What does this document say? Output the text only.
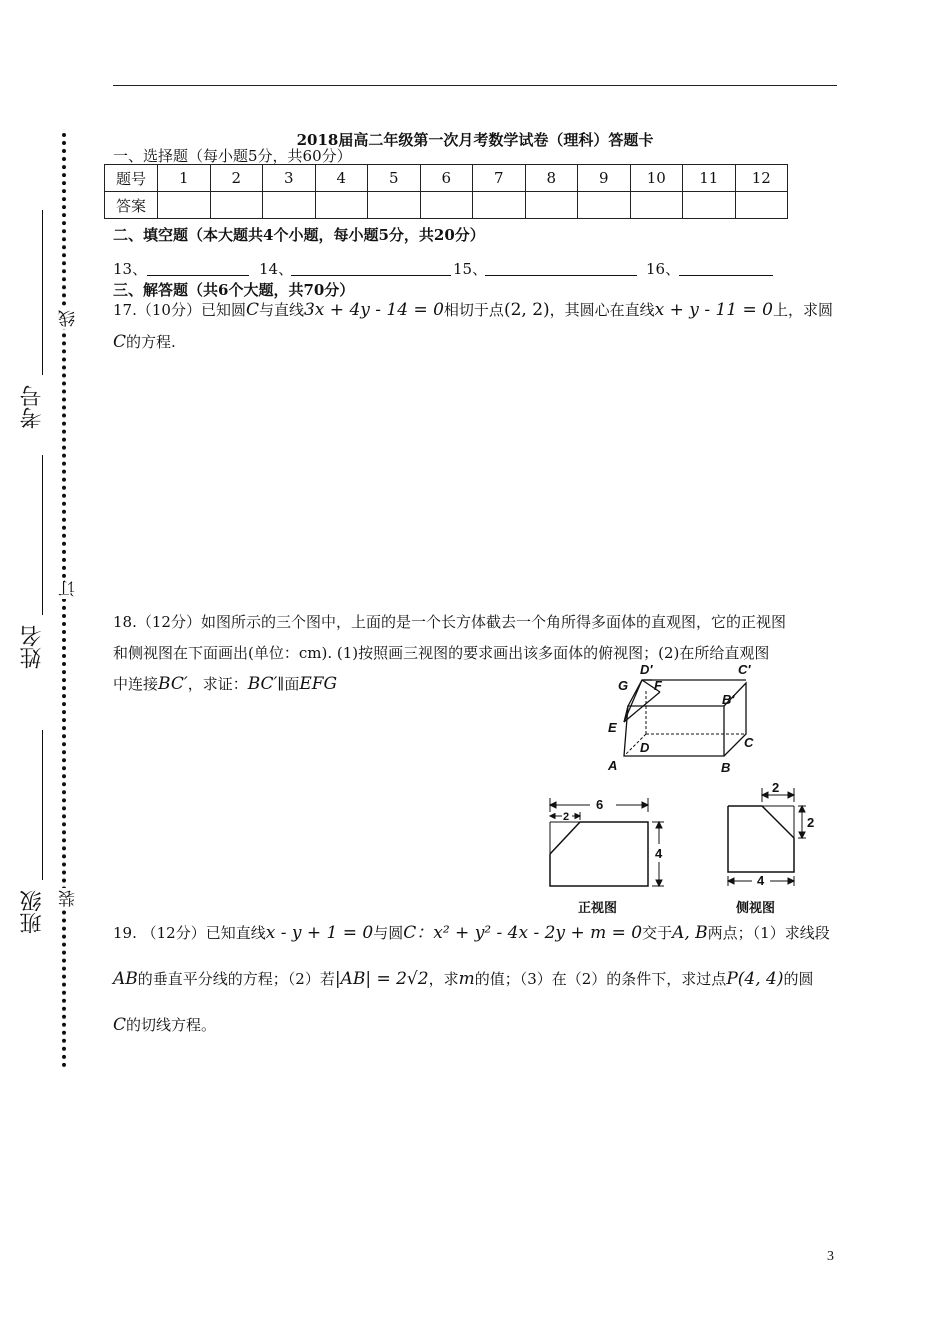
班级
姓名
考号
装
订
线
2018届高二年级第一次月考数学试卷（理科）答题卡
一、选择题（每小题5分，共60分）
题号	1	2	3	4	5	6	7	8	9	10	11	12
答案												
二、填空题（本大题共4个小题，每小题5分，共20分）
13、	14、	15、	16、
三、解答题（共6个大题，共70分）
17.（10分）已知圆C与直线3x + 4y - 14 = 0相切于点(2, 2)，其圆心在直线x + y - 11 = 0上，求圆
C的方程.
18.（12分）如图所示的三个图中，上面的是一个长方体截去一个角所得多面体的直观图，它的正视图
和侧视图在下面画出(单位：cm). (1)按照画三视图的要求画出该多面体的俯视图；(2)在所给直观图
中连接BC′，求证：BC′∥面EFG
D′	C′
G F
B′
E
D	C
A	B
6
2
4
正视图
2
2
4
侧视图
19. （12分）已知直线x - y + 1 = 0与圆C：x² + y² - 4x - 2y + m = 0交于A, B两点；（1）求线段
AB的垂直平分线的方程；（2）若|AB| = 2√2，求m的值；（3）在（2）的条件下，求过点P(4, 4)的圆
C的切线方程。
3
